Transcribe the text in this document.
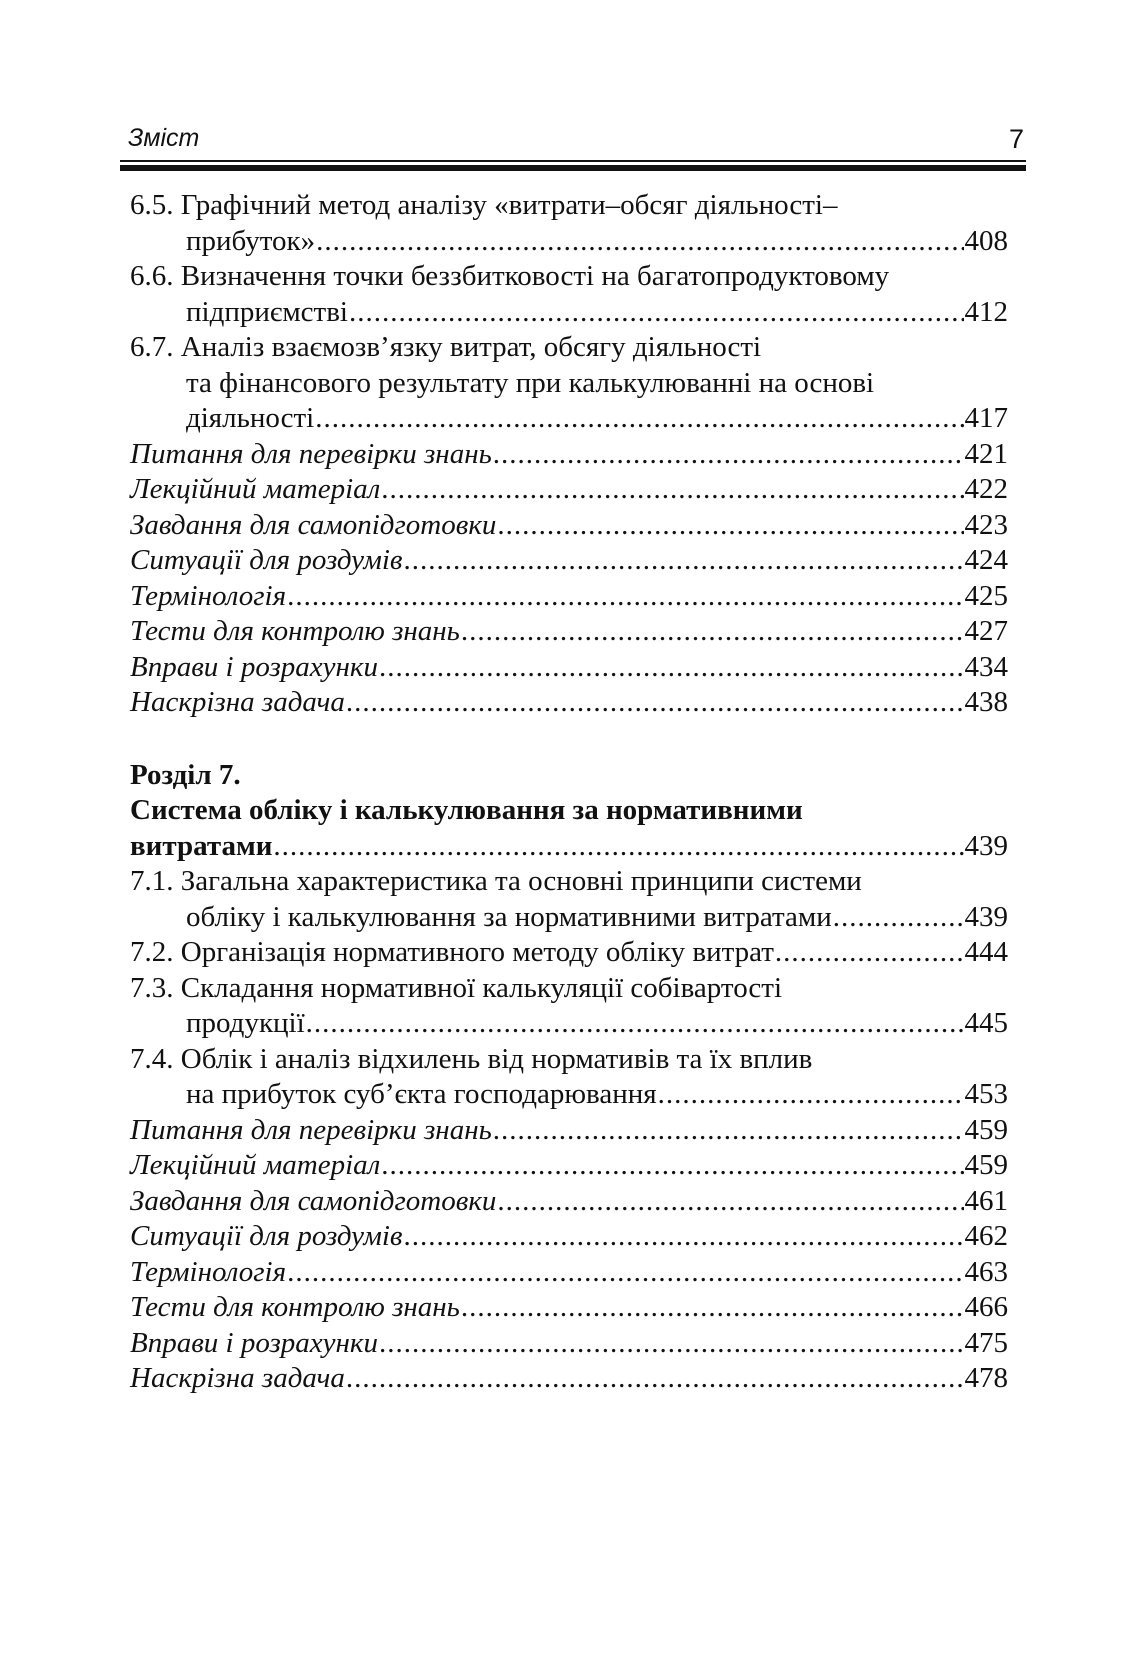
Зміст	7
6.5. Графічний метод аналізу «витрати–обсяг діяльності–
прибуток» .....	408
6.6. Визначення точки беззбитковості на багатопродуктовому
підприємстві .....	412
6.7. Аналіз взаємозв’язку витрат, обсягу діяльності
та фінансового результату при калькулюванні на основі
діяльності .....	417
Питання для перевірки знань .....	421
Лекційний матеріал .....	422
Завдання для самопідготовки .....	423
Ситуації для роздумів .....	424
Термінологія .....	425
Тести для контролю знань .....	427
Вправи і розрахунки .....	434
Наскрізна задача .....	438
Розділ 7.
Система обліку і калькулювання за нормативними
витратами .....	439
7.1. Загальна характеристика та основні принципи системи
обліку і калькулювання за нормативними витратами .....	439
7.2. Організація нормативного методу обліку витрат .....	444
7.3. Складання нормативної калькуляції собівартості
продукції .....	445
7.4. Облік і аналіз відхилень від нормативів та їх вплив
на прибуток суб’єкта господарювання .....	453
Питання для перевірки знань .....	459
Лекційний матеріал .....	459
Завдання для самопідготовки .....	461
Ситуації для роздумів .....	462
Термінологія .....	463
Тести для контролю знань .....	466
Вправи і розрахунки .....	475
Наскрізна задача .....	478
